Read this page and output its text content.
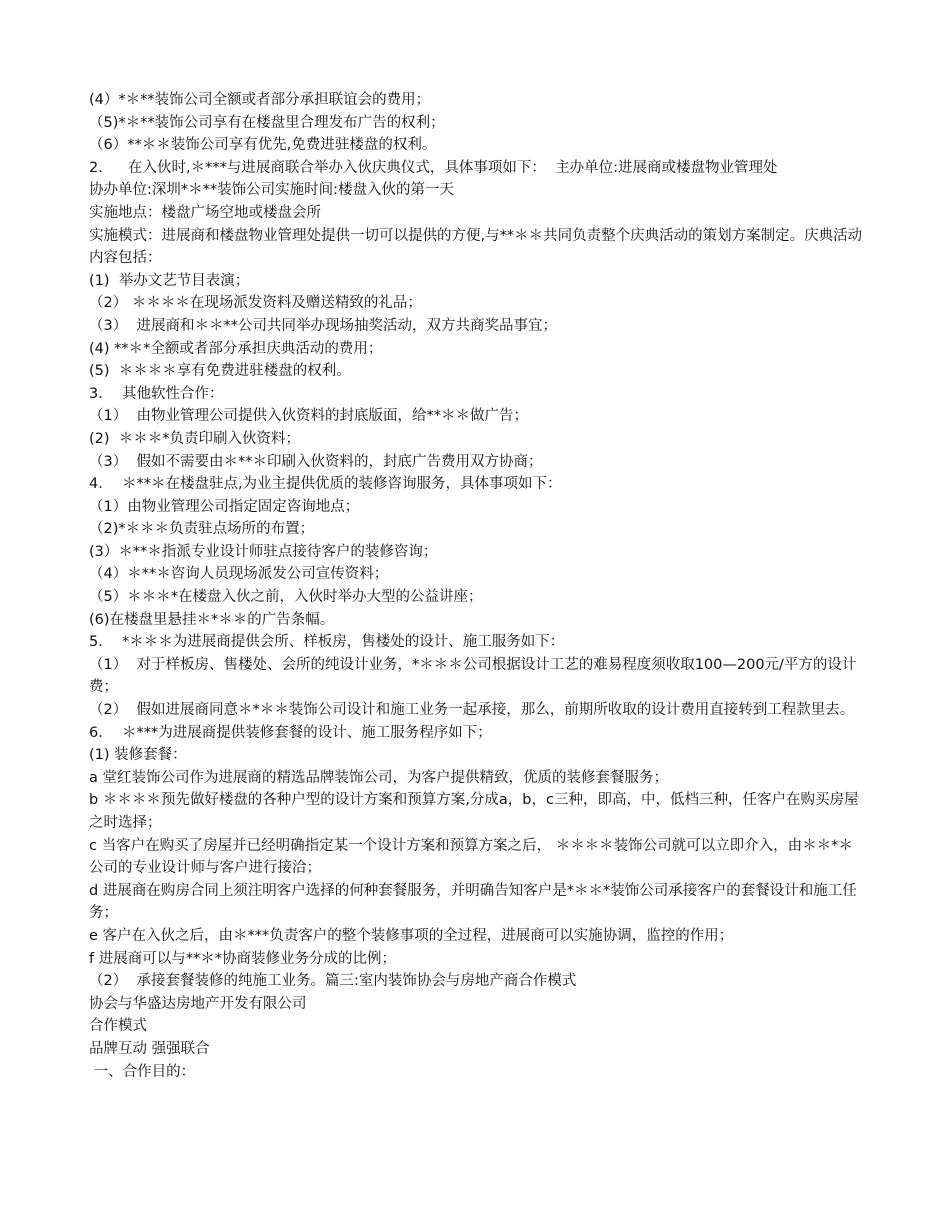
(4）*＊**装饰公司全额或者部分承担联谊会的费用；

（5)*＊**装饰公司享有在楼盘里合理发布广告的权利；

（6）**＊＊装饰公司享有优先,免费进驻楼盘的权利。

2．	在入伙时,＊***与进展商联合举办入伙庆典仪式，具体事项如下：  主办单位:进展商或楼盘物业管理处

协办单位:深圳*＊**装饰公司实施时间:楼盘入伙的第一天

实施地点：楼盘广场空地或楼盘会所

实施模式：进展商和楼盘物业管理处提供一切可以提供的方便,与**＊＊共同负责整个庆典活动的策划方案制定。庆典活动内容包括：

(1)  举办文艺节目表演；

（2） ＊＊＊＊在现场派发资料及赠送精致的礼品；

（3）  进展商和＊＊**公司共同举办现场抽奖活动，双方共商奖品事宜；

(4) **＊*全额或者部分承担庆典活动的费用；

(5)  ＊＊＊＊享有免费进驻楼盘的权利。

3．  其他软性合作：

（1）  由物业管理公司提供入伙资料的封底版面，给**＊＊做广告；

(2)  ＊＊＊*负责印刷入伙资料；

（3）  假如不需要由＊**＊印刷入伙资料的，封底广告费用双方协商；

4．  ＊**＊在楼盘驻点,为业主提供优质的装修咨询服务，具体事项如下：

（1）由物业管理公司指定固定咨询地点；

（2)*＊＊＊负责驻点场所的布置；

(3）＊**＊指派专业设计师驻点接待客户的装修咨询；

（4）＊**＊咨询人员现场派发公司宣传资料；

（5）＊＊＊*在楼盘入伙之前，入伙时举办大型的公益讲座；

(6)在楼盘里悬挂＊*＊＊的广告条幅。

5．  *＊＊＊为进展商提供会所、样板房，售楼处的设计、施工服务如下：

（1）  对于样板房、售楼处、会所的纯设计业务，*＊＊＊公司根据设计工艺的难易程度须收取100—200元/平方的设计费；

（2）  假如进展商同意＊*＊＊装饰公司设计和施工业务一起承接，那么，前期所收取的设计费用直接转到工程款里去。

6．  ＊***为进展商提供装修套餐的设计、施工服务程序如下；

(1) 装修套餐：

a 堂红装饰公司作为进展商的精选品牌装饰公司，为客户提供精致，优质的装修套餐服务；

b ＊＊＊＊预先做好楼盘的各种户型的设计方案和预算方案,分成a，b，c三种，即高，中，低档三种，任客户在购买房屋之时选择；

c 当客户在购买了房屋并已经明确指定某一个设计方案和预算方案之后， ＊＊＊＊装饰公司就可以立即介入，由＊＊*＊公司的专业设计师与客户进行接洽；

d 进展商在购房合同上须注明客户选择的何种套餐服务，并明确告知客户是*＊＊*装饰公司承接客户的套餐设计和施工任务；

e 客户在入伙之后，由＊***负责客户的整个装修事项的全过程，进展商可以实施协调，监控的作用；

f 进展商可以与**＊*协商装修业务分成的比例；

（2）  承接套餐装修的纯施工业务。篇三:室内装饰协会与房地产商合作模式

协会与华盛达房地产开发有限公司

合作模式

品牌互动 强强联合

一、合作目的：
